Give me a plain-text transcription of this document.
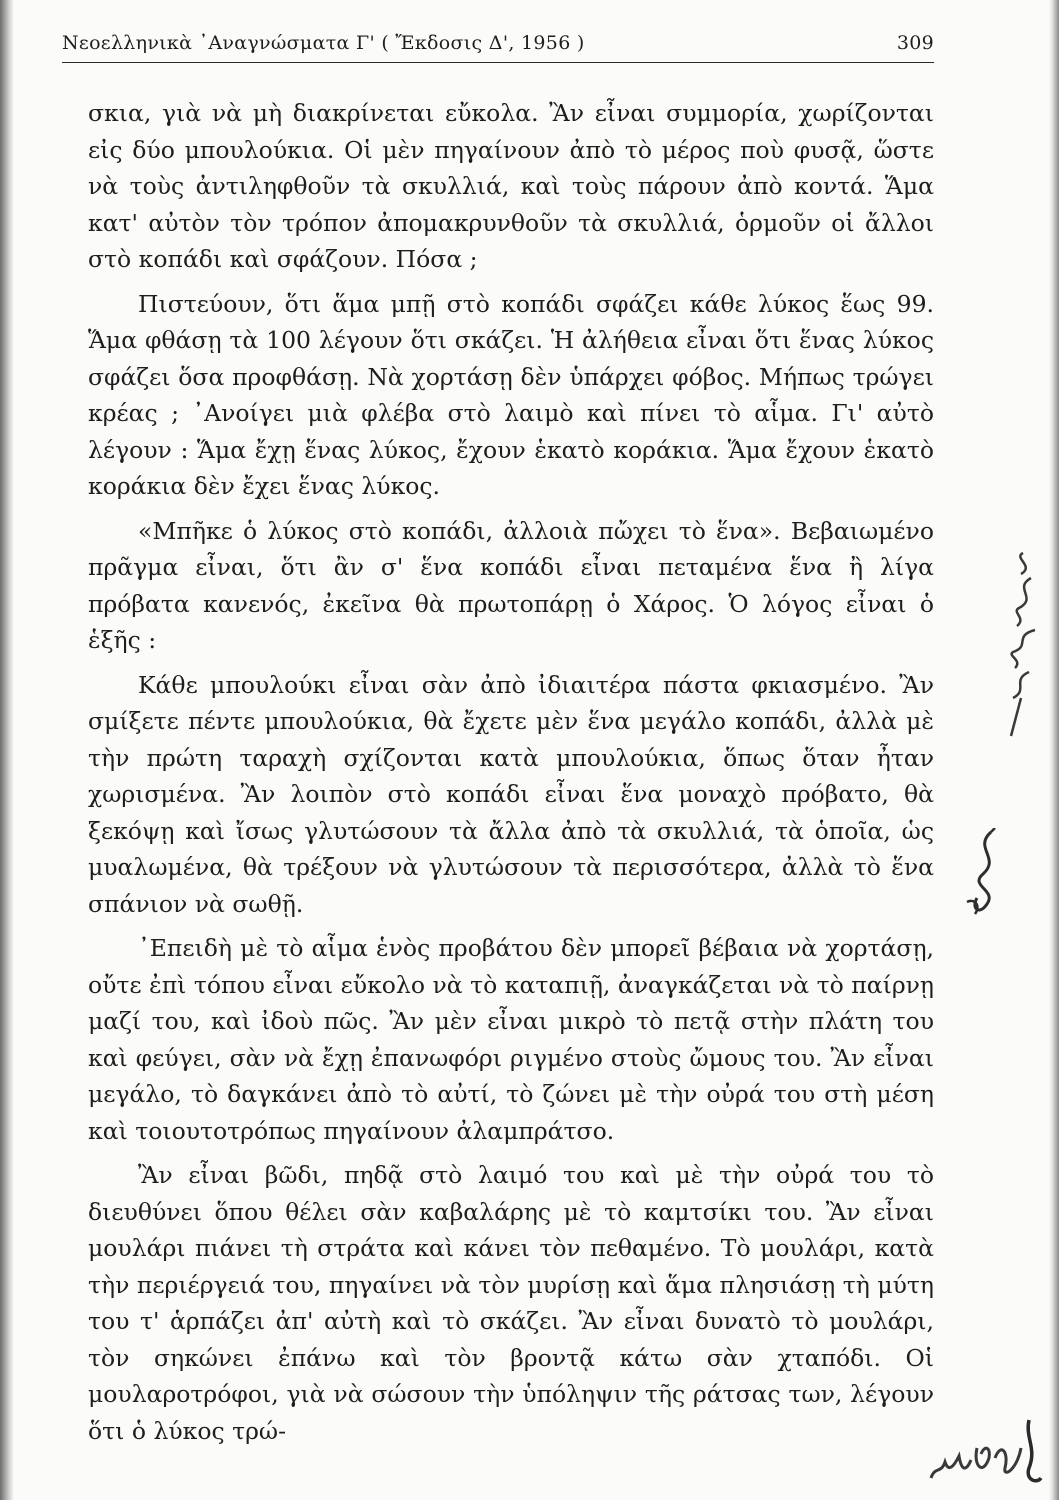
Νεοελληνικὰ ᾿Αναγνώσματα Γ' ( Ἔκδοσις Δ', 1956 )	309

σκια, γιὰ νὰ μὴ διακρίνεται εὔκολα. Ἂν εἶναι συμμορία, χωρίζονται εἰς δύο μπουλούκια. Οἱ μὲν πηγαίνουν ἀπὸ τὸ μέρος ποὺ φυσᾷ, ὥστε νὰ τοὺς ἀντιληφθοῦν τὰ σκυλλιά, καὶ τοὺς πάρουν ἀπὸ κοντά. Ἅμα κατ' αὐτὸν τὸν τρόπον ἀπομακρυνθοῦν τὰ σκυλλιά, ὁρμοῦν οἱ ἄλλοι στὸ κοπάδι καὶ σφάζουν. Πόσα ;

Πιστεύουν, ὅτι ἅμα μπῇ στὸ κοπάδι σφάζει κάθε λύκος ἕως 99. Ἅμα φθάσῃ τὰ 100 λέγουν ὅτι σκάζει. Ἡ ἀλήθεια εἶναι ὅτι ἕνας λύκος σφάζει ὅσα προφθάσῃ. Νὰ χορτάσῃ δὲν ὑπάρχει φόβος. Μήπως τρώγει κρέας ; ᾿Ανοίγει μιὰ φλέβα στὸ λαιμὸ καὶ πίνει τὸ αἷμα. Γι' αὐτὸ λέγουν : Ἅμα ἔχῃ ἕνας λύκος, ἔχουν ἑκατὸ κοράκια. Ἅμα ἔχουν ἑκατὸ κοράκια δὲν ἔχει ἕνας λύκος.

«Μπῆκε ὁ λύκος στὸ κοπάδι, ἀλλοιὰ πὤχει τὸ ἕνα». Βεβαιωμένο πρᾶγμα εἶναι, ὅτι ἂν σ' ἕνα κοπάδι εἶναι πεταμένα ἕνα ἢ λίγα πρόβατα κανενός, ἐκεῖνα θὰ πρωτοπάρῃ ὁ Χάρος. Ὁ λόγος εἶναι ὁ ἑξῆς :

Κάθε μπουλούκι εἶναι σὰν ἀπὸ ἰδιαιτέρα πάστα φκιασμένο. Ἂν σμίξετε πέντε μπουλούκια, θὰ ἔχετε μὲν ἕνα μεγάλο κοπάδι, ἀλλὰ μὲ τὴν πρώτη ταραχὴ σχίζονται κατὰ μπουλούκια, ὅπως ὅταν ἦταν χωρισμένα. Ἂν λοιπὸν στὸ κοπάδι εἶναι ἕνα μοναχὸ πρόβατο, θὰ ξεκόψῃ καὶ ἴσως γλυτώσουν τὰ ἄλλα ἀπὸ τὰ σκυλλιά, τὰ ὁποῖα, ὡς μυαλωμένα, θὰ τρέξουν νὰ γλυτώσουν τὰ περισσότερα, ἀλλὰ τὸ ἕνα σπάνιον νὰ σωθῇ.

᾿Επειδὴ μὲ τὸ αἷμα ἑνὸς προβάτου δὲν μπορεῖ βέβαια νὰ χορτάσῃ, οὔτε ἐπὶ τόπου εἶναι εὔκολο νὰ τὸ καταπιῇ, ἀναγκάζεται νὰ τὸ παίρνῃ μαζί του, καὶ ἰδοὺ πῶς. Ἂν μὲν εἶναι μικρὸ τὸ πετᾷ στὴν πλάτη του καὶ φεύγει, σὰν νὰ ἔχῃ ἐπανωφόρι ριγμένο στοὺς ὤμους του. Ἂν εἶναι μεγάλο, τὸ δαγκάνει ἀπὸ τὸ αὐτί, τὸ ζώνει μὲ τὴν οὐρά του στὴ μέση καὶ τοιουτοτρόπως πηγαίνουν ἀλαμπράτσο.

Ἂν εἶναι βῶδι, πηδᾷ στὸ λαιμό του καὶ μὲ τὴν οὐρά του τὸ διευθύνει ὅπου θέλει σὰν καβαλάρης μὲ τὸ καμτσίκι του. Ἂν εἶναι μουλάρι πιάνει τὴ στράτα καὶ κάνει τὸν πεθαμένο. Τὸ μουλάρι, κατὰ τὴν περιέργειά του, πηγαίνει νὰ τὸν μυρίσῃ καὶ ἅμα πλησιάσῃ τὴ μύτη του τ' ἁρπάζει ἀπ' αὐτὴ καὶ τὸ σκάζει. Ἂν εἶναι δυνατὸ τὸ μουλάρι, τὸν σηκώνει ἐπάνω καὶ τὸν βροντᾷ κάτω σὰν χταπόδι. Οἱ μουλαροτρόφοι, γιὰ νὰ σώσουν τὴν ὑπόληψιν τῆς ράτσας των, λέγουν ὅτι ὁ λύκος τρώ-
